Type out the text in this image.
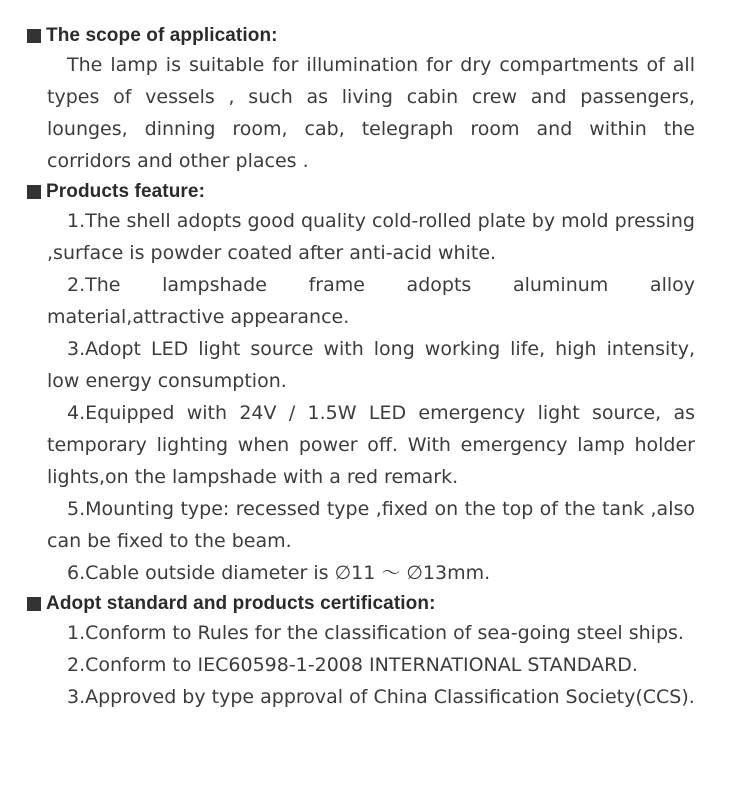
The scope of application:

The lamp is suitable for illumination for dry compartments of all types of vessels , such as living cabin crew and passengers, lounges, dinning room, cab, telegraph room and within the corridors and other places .

Products feature:

1.The shell adopts good quality cold-rolled plate by mold pressing ,surface is powder coated after anti-acid white.

2.The lampshade frame adopts aluminum alloy material,attractive appearance.

3.Adopt LED light source with long working life, high intensity, low energy consumption.

4.Equipped with 24V / 1.5W LED emergency light source, as temporary lighting when power off. With emergency lamp holder lights,on the lampshade with a red remark.

5.Mounting type: recessed type ,fixed on the top of the tank ,also can be fixed to the beam.

6.Cable outside diameter is ∅11 ～ ∅13mm.

Adopt standard and products certification:

1.Conform to Rules for the classification of sea-going steel ships.

2.Conform to IEC60598-1-2008 INTERNATIONAL STANDARD.

3.Approved by type approval of China Classification Society(CCS).
